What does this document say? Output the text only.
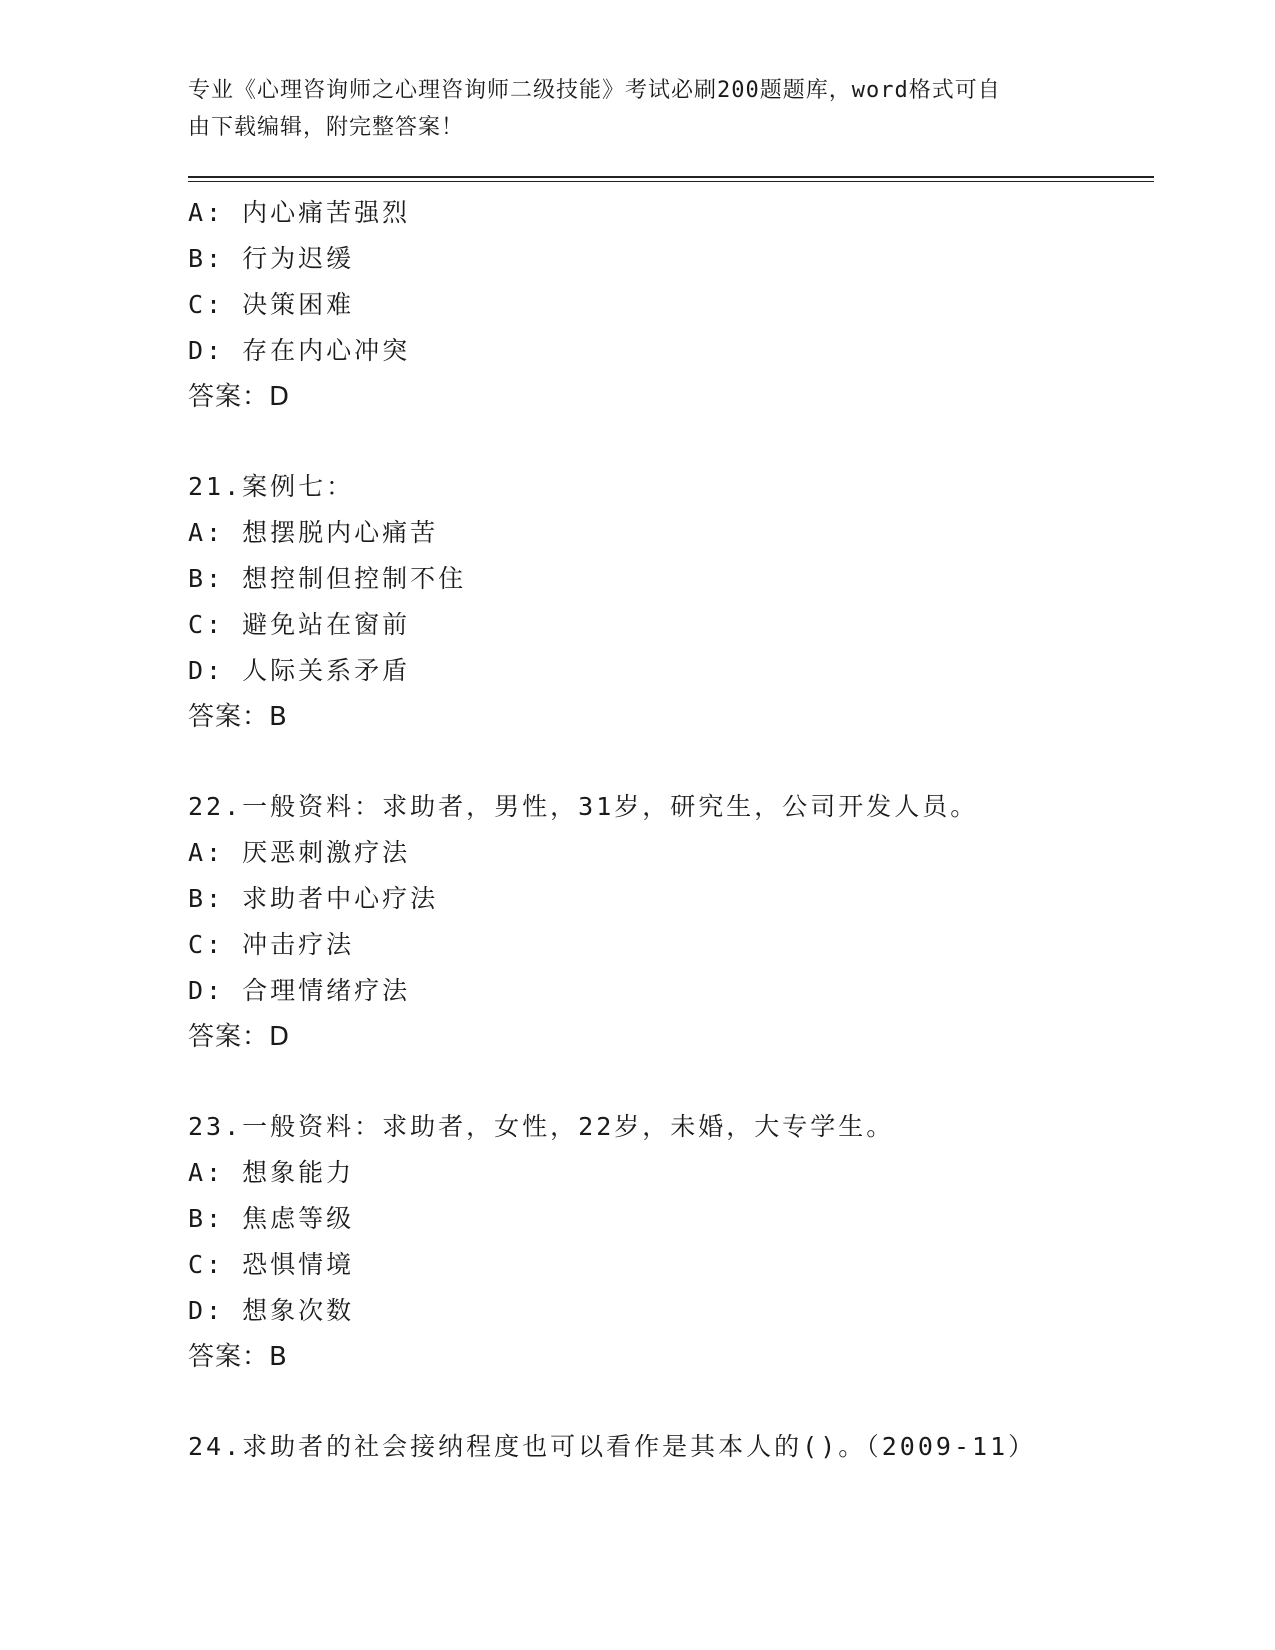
专业《心理咨询师之心理咨询师二级技能》考试必刷200题题库，word格式可自
由下载编辑，附完整答案！
A: 内心痛苦强烈
B: 行为迟缓
C: 决策困难
D: 存在内心冲突
答案：D
21.案例七：
A: 想摆脱内心痛苦
B: 想控制但控制不住
C: 避免站在窗前
D: 人际关系矛盾
答案：B
22.一般资料：求助者，男性，31岁，研究生，公司开发人员。
A: 厌恶刺激疗法
B: 求助者中心疗法
C: 冲击疗法
D: 合理情绪疗法
答案：D
23.一般资料：求助者，女性，22岁，未婚，大专学生。
A: 想象能力
B: 焦虑等级
C: 恐惧情境
D: 想象次数
答案：B
24.求助者的社会接纳程度也可以看作是其本人的()。（2009-11）
